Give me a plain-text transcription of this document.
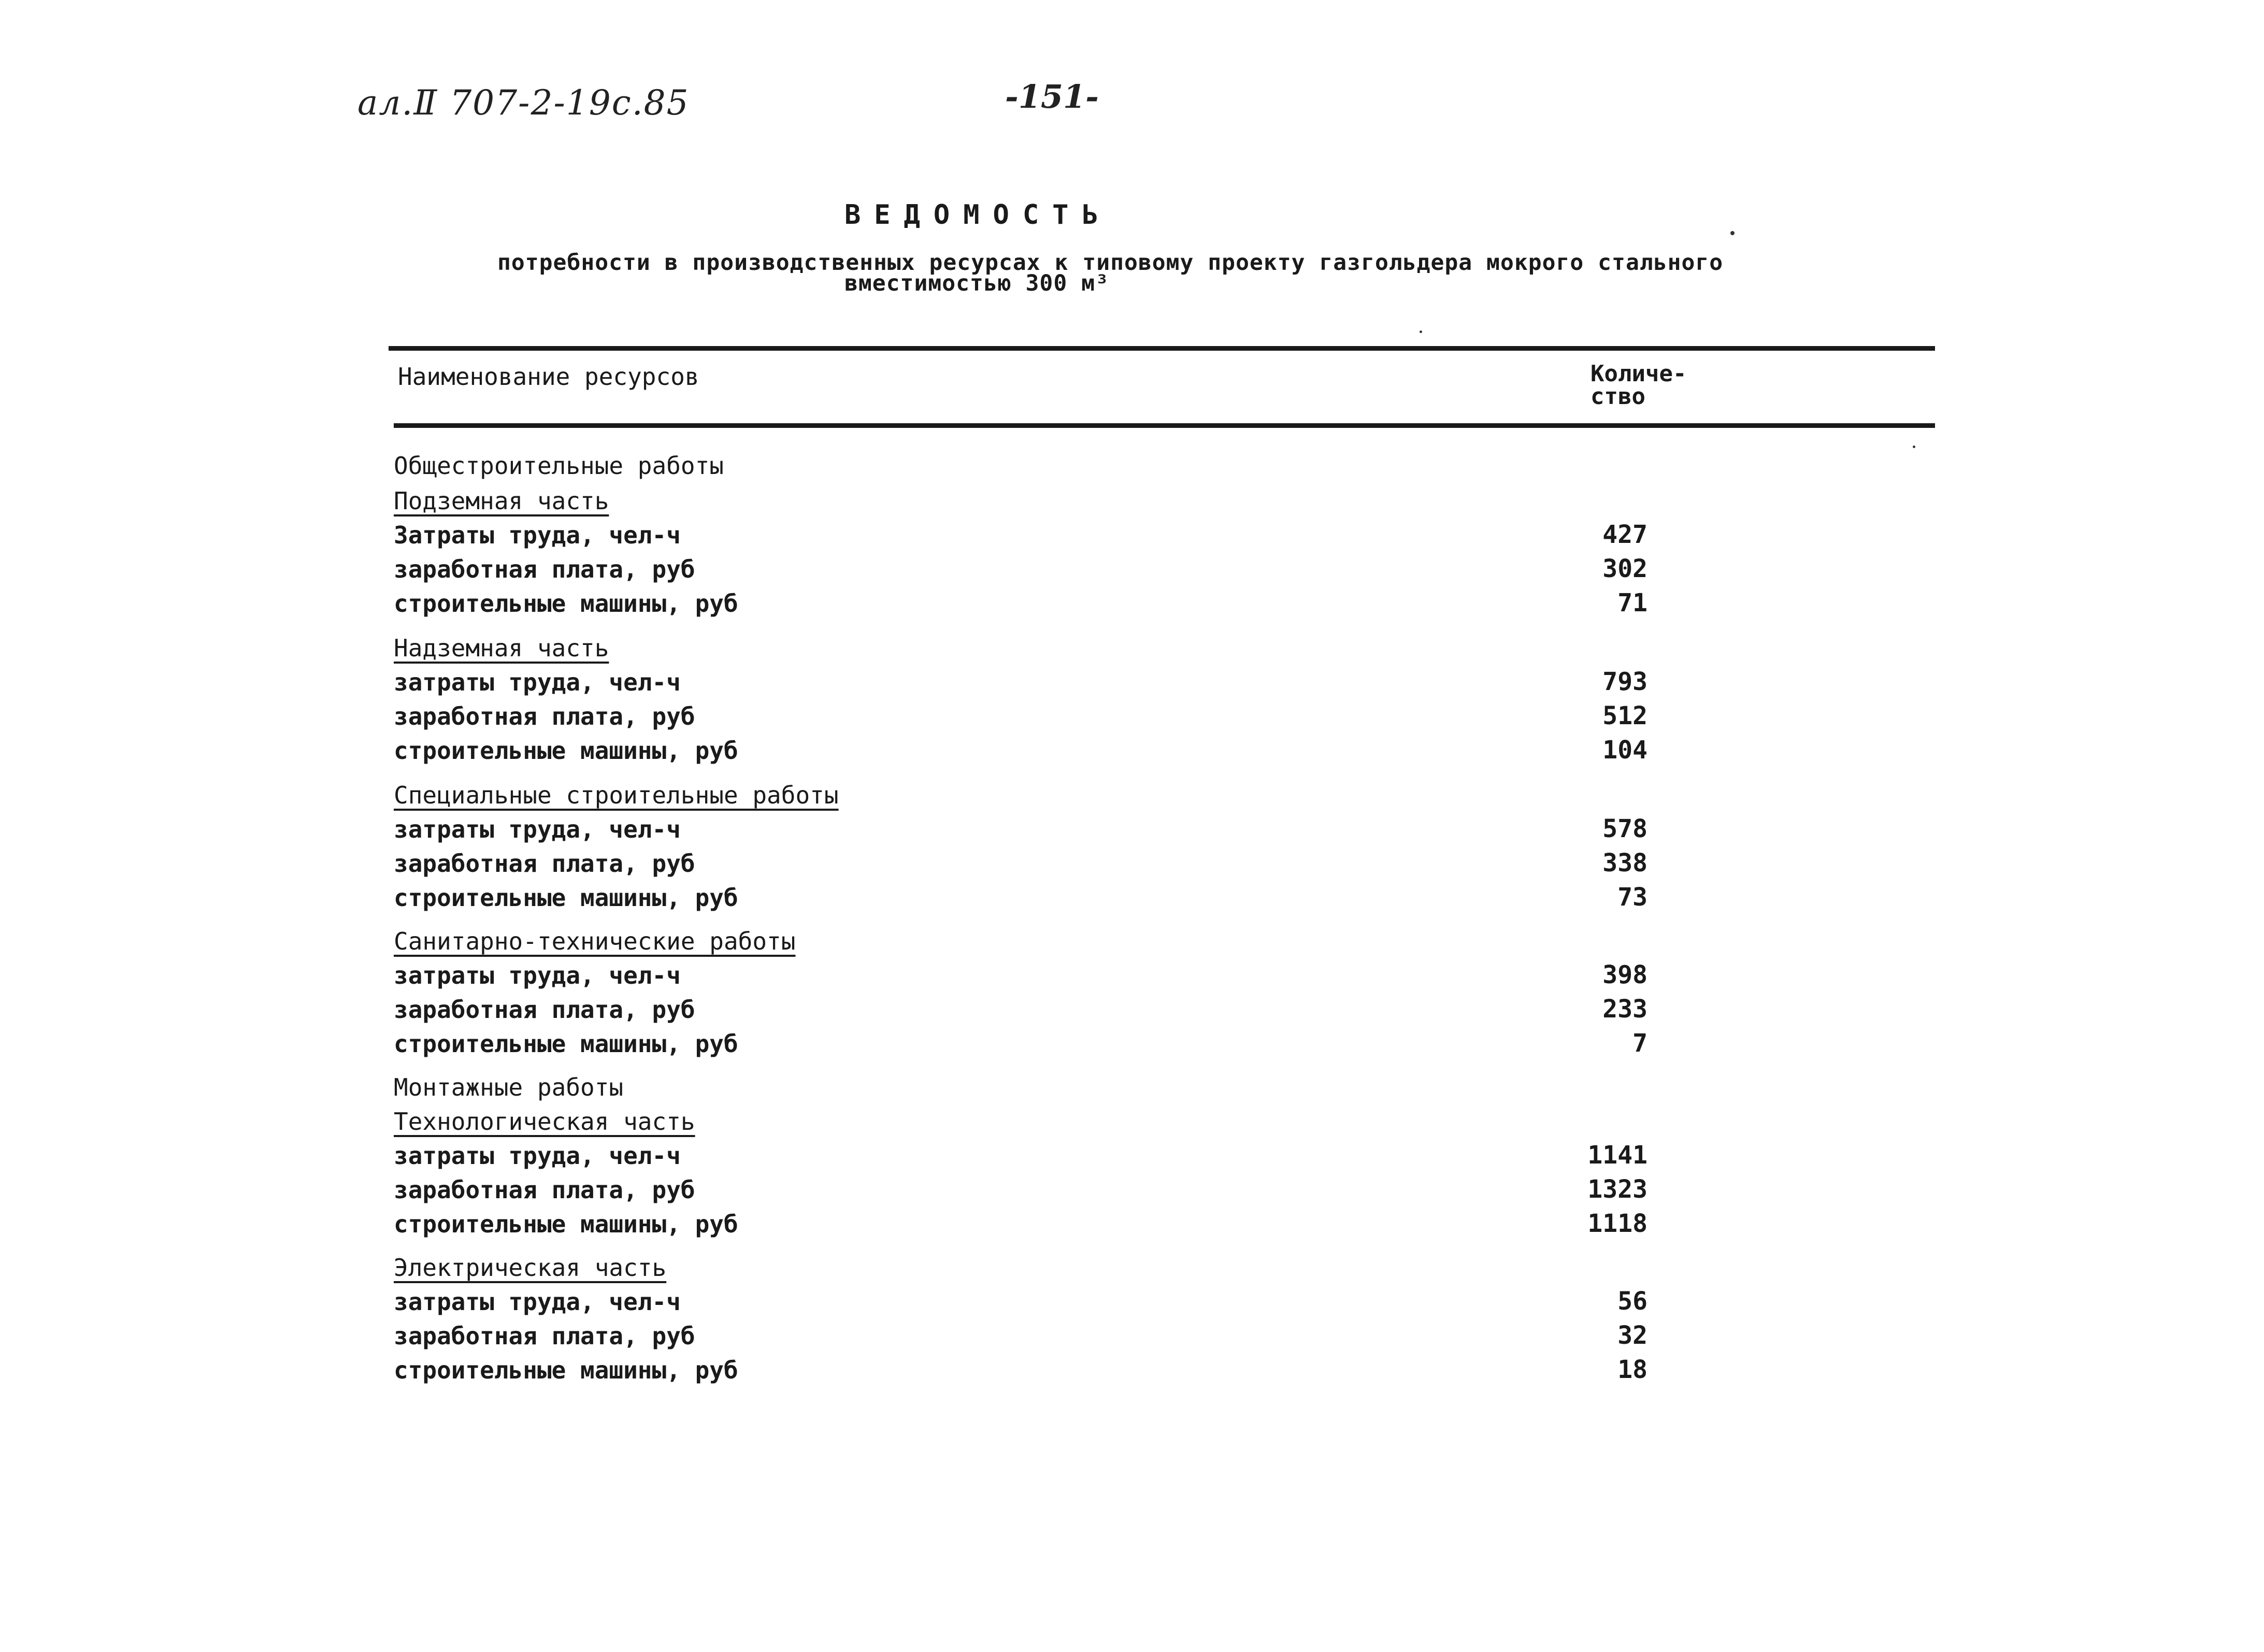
ал.Ⅱ 707-2-19с.85	-151-
ВЕДОМОСТЬ
потребности в производственных ресурсах к типовому проекту газгольдера мокрого стального
вместимостью 300 м³
Наименование ресурсов	Количе-
ство
Общестроительные работы
Подземная часть
Затраты труда, чел-ч	427
заработная плата, руб	302
строительные машины, руб	71
Надземная часть
затраты труда, чел-ч	793
заработная плата, руб	512
строительные машины, руб	104
Специальные строительные работы
затраты труда, чел-ч	578
заработная плата, руб	338
строительные машины, руб	73
Санитарно-технические работы
затраты труда, чел-ч	398
заработная плата, руб	233
строительные машины, руб	7
Монтажные работы
Технологическая часть
затраты труда, чел-ч	1141
заработная плата, руб	1323
строительные машины, руб	1118
Электрическая часть
затраты труда, чел-ч	56
заработная плата, руб	32
строительные машины, руб	18
